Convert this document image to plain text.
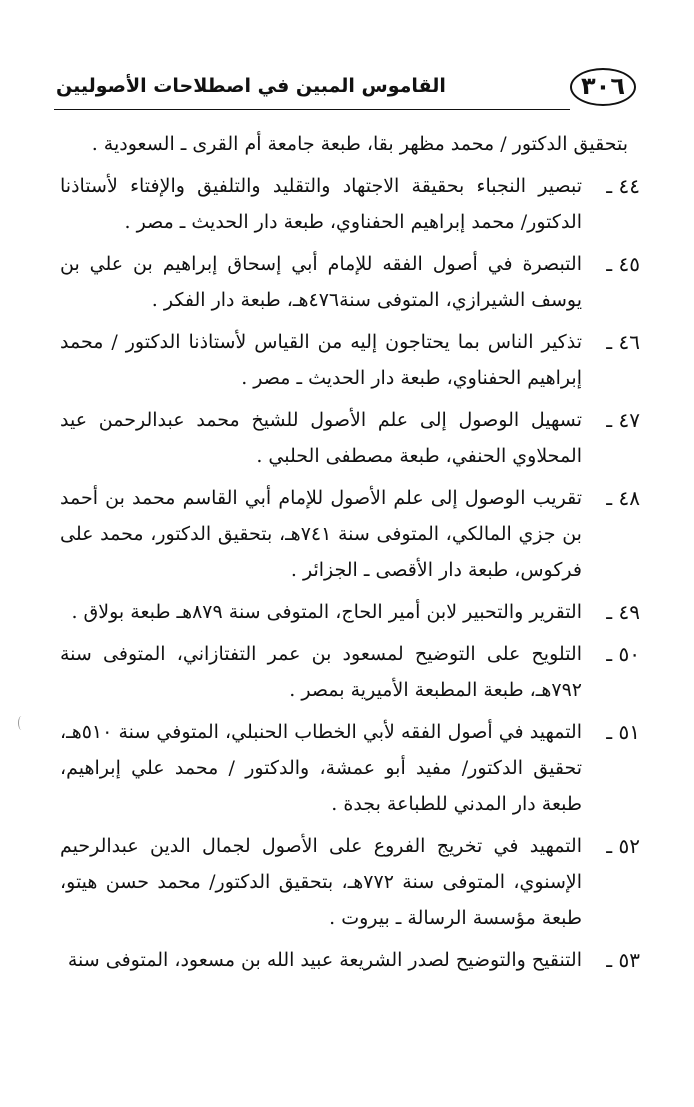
٣٠٦
القاموس المبين في اصطلاحات الأصوليين
بتحقيق الدكتور / محمد مظهر بقا، طبعة جامعة أم القرى ـ السعودية .
٤٤ ـ
تبصير النجباء بحقيقة الاجتهاد والتقليد والتلفيق والإفتاء لأستاذنا الدكتور/ محمد إبراهيم الحفناوي، طبعة دار الحديث ـ مصر .
٤٥ ـ
التبصرة في أصول الفقه للإمام أبي إسحاق إبراهيم بن علي بن يوسف الشيرازي، المتوفى سنة٤٧٦هـ، طبعة دار الفكر .
٤٦ ـ
تذكير الناس بما يحتاجون إليه من القياس لأستاذنا الدكتور / محمد إبراهيم الحفناوي، طبعة دار الحديث ـ مصر .
٤٧ ـ
تسهيل الوصول إلى علم الأصول للشيخ محمد عبدالرحمن عيد المحلاوي الحنفي، طبعة مصطفى الحلبي .
٤٨ ـ
تقريب الوصول إلى علم الأصول للإمام أبي القاسم محمد بن أحمد بن جزي المالكي، المتوفى سنة ٧٤١هـ، بتحقيق الدكتور، محمد على فركوس، طبعة دار الأقصى ـ الجزائر .
٤٩ ـ
التقرير والتحبير لابن أمير الحاج، المتوفى سنة ٨٧٩هـ طبعة بولاق .
٥٠ ـ
التلويح على التوضيح لمسعود بن عمر التفتازاني، المتوفى سنة ٧٩٢هـ، طبعة المطبعة الأميرية بمصر .
٥١ ـ
التمهيد في أصول الفقه لأبي الخطاب الحنبلي، المتوفي سنة ٥١٠هـ، تحقيق الدكتور/ مفيد أبو عمشة، والدكتور / محمد علي إبراهيم، طبعة دار المدني للطباعة بجدة .
٥٢ ـ
التمهيد في تخريج الفروع على الأصول لجمال الدين عبدالرحيم الإسنوي، المتوفى سنة ٧٧٢هـ، بتحقيق الدكتور/ محمد حسن هيتو، طبعة مؤسسة الرسالة ـ بيروت .
٥٣ ـ
التنقيح والتوضيح لصدر الشريعة عبيد الله بن مسعود، المتوفى سنة
